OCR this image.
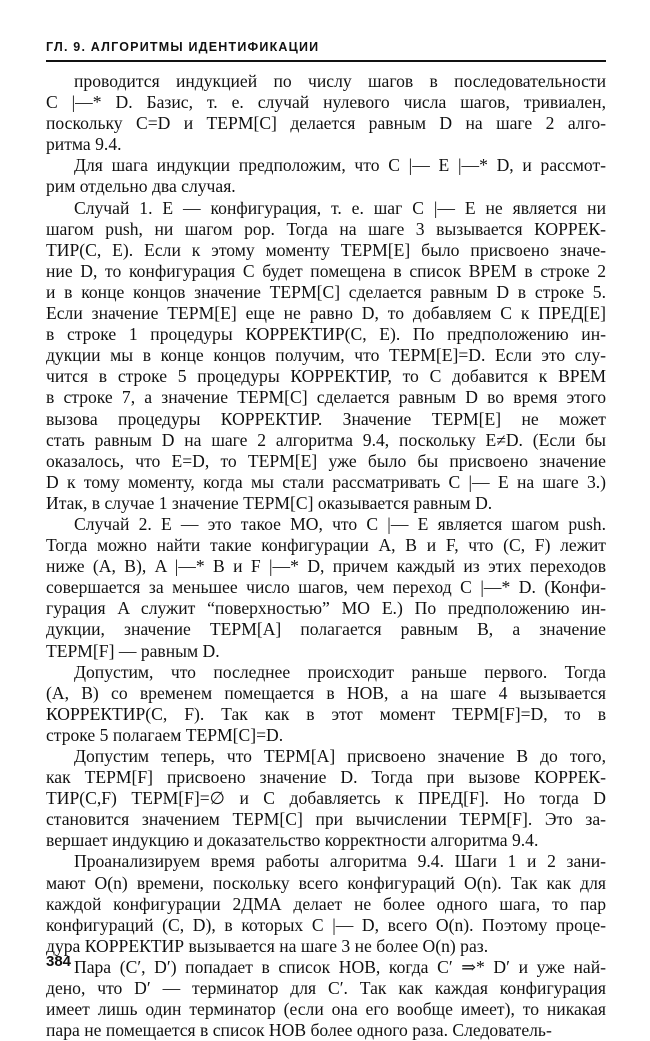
ГЛ. 9. АЛГОРИТМЫ ИДЕНТИФИКАЦИИ
проводится индукцией по числу шагов в последовательности
C |—* D. Базис, т. е. случай нулевого числа шагов, тривиален,
поскольку C=D и ТЕРМ[C] делается равным D на шаге 2 алго-
ритма 9.4.
Для шага индукции предположим, что C |— E |—* D, и рассмот-
рим отдельно два случая.
Случай 1. E — конфигурация, т. е. шаг C |— E не является ни
шагом push, ни шагом pop. Тогда на шаге 3 вызывается КОРРЕК-
ТИР(C, E). Если к этому моменту ТЕРМ[E] было присвоено значе-
ние D, то конфигурация C будет помещена в список ВРЕМ в строке 2
и в конце концов значение ТЕРМ[C] сделается равным D в строке 5.
Если значение ТЕРМ[E] еще не равно D, то добавляем C к ПРЕД[E]
в строке 1 процедуры КОРРЕКТИР(C, E). По предположению ин-
дукции мы в конце концов получим, что ТЕРМ[E]=D. Если это слу-
чится в строке 5 процедуры КОРРЕКТИР, то C добавится к ВРЕМ
в строке 7, а значение ТЕРМ[C] сделается равным D во время этого
вызова процедуры КОРРЕКТИР. Значение ТЕРМ[E] не может
стать равным D на шаге 2 алгоритма 9.4, поскольку E≠D. (Если бы
оказалось, что E=D, то ТЕРМ[E] уже было бы присвоено значение
D к тому моменту, когда мы стали рассматривать C |— E на шаге 3.)
Итак, в случае 1 значение ТЕРМ[C] оказывается равным D.
Случай 2. E — это такое МО, что C |— E является шагом push.
Тогда можно найти такие конфигурации A, B и F, что (C, F) лежит
ниже (A, B), A |—* B и F |—* D, причем каждый из этих переходов
совершается за меньшее число шагов, чем переход C |—* D. (Конфи-
гурация A служит “поверхностью” МО E.) По предположению ин-
дукции, значение ТЕРМ[A] полагается равным B, а значение
ТЕРМ[F] — равным D.
Допустим, что последнее происходит раньше первого. Тогда
(A, B) со временем помещается в НОВ, а на шаге 4 вызывается
КОРРЕКТИР(C, F). Так как в этот момент ТЕРМ[F]=D, то в
строке 5 полагаем ТЕРМ[C]=D.
Допустим теперь, что ТЕРМ[A] присвоено значение B до того,
как ТЕРМ[F] присвоено значение D. Тогда при вызове КОРРЕК-
ТИР(C,F) ТЕРМ[F]=∅ и C добавляетсь к ПРЕД[F]. Но тогда D
становится значением ТЕРМ[C] при вычислении ТЕРМ[F]. Это за-
вершает индукцию и доказательство корректности алгоритма 9.4.
Проанализируем время работы алгоритма 9.4. Шаги 1 и 2 зани-
мают O(n) времени, поскольку всего конфигураций O(n). Так как для
каждой конфигурации 2ДМА делает не более одного шага, то пар
конфигураций (C, D), в которых C |— D, всего O(n). Поэтому проце-
дура КОРРЕКТИР вызывается на шаге 3 не более O(n) раз.
Пара (C′, D′) попадает в список НОВ, когда C′ ⇒* D′ и уже най-
дено, что D′ — терминатор для C′. Так как каждая конфигурация
имеет лишь один терминатор (если она его вообще имеет), то никакая
пара не помещается в список НОВ более одного раза. Следователь-
384
